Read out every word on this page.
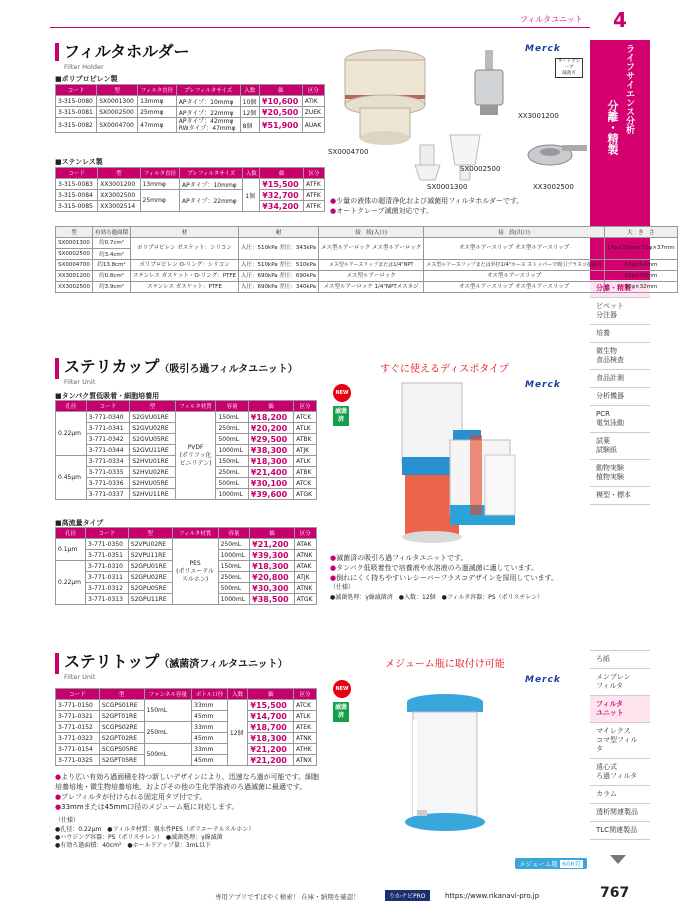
フィルタユニット	4
ライフサイエンス分析
分離・精製
分離・精製
ピペット
分注器
培養
微生物
食品検査
食品計測
分析機器
PCR
電気泳動
試薬
試験紙
動物実験
植物実験
模型・標本
ろ紙
メンブレン
フィルタ
フィルタ
ユニット
マイレクス
コマ型フィルタ
遠心式
ろ過フィルタ
カラム
透析関連製品
TLC関連製品
フィルタホルダー
Filter Holder
■ポリプロピレン製
コード	型	フィルタ直径	プレフィルタサイズ	入数	価	区分
3-315-0080	SX0001300	13mmφ	APタイプ：10mmφ	10個	¥10,600	ATIK
3-315-0081	SX0002500	25mmφ	APタイプ：22mmφ	12個	¥20,500	ZUEK
3-315-0082	SX0004700	47mmφ	APタイプ：42mmφ
RWタイプ：47mmφ	8個	¥51,900	AUAK
■ステンレス製
コード	型	フィルタ直径	プレフィルタサイズ	入数	価	区分
3-315-0083	XX3001200	13mmφ	APタイプ：10mmφ	1個	¥15,500	ATFK
3-315-0084	XX3002500	25mmφ	APタイプ：22mmφ		¥32,700	ATFK
3-315-0085	XX3002514				¥34,200	ATFK
Merck
オートクレーブ
滅菌可
XX3001200
SX0004700
SX0002500
SX0001300	XX3002500
●少量の液体の超清浄化および滅菌用フィルタホルダーです。
●オートクレーブ滅菌対応です。
型	有効ろ過面積	材	耐	接　続(入口)	接　続(出口)	大　き　さ
SX0001300	約0.7cm²	ポリプロピレン ガスケット：シリコン	入圧：510kPa 差圧：343kPa	メス型ルアーロック メス型ルアーロック	オス型ルアースリップ オス型ルアースリップ	17φ×35mm 35φ×37mm
SX0002500	約3.4cm²					
SX0004700	約13.8cm²	ポリプロピレン O-リング：シリコン	入圧：510kPa 差圧：510kPa	メス型ルアースリップまたは1/4"NPT	メス型ルアースリップまたは外径1/4"ホース ストッパーで吸引ブラスコ接続可	57φ×54mm
XX3001200	約0.8cm²	ステンレス ガスケット・O-リング：PTFE	入圧：690kPa 差圧：690kPa	メス型ルアーロック	オス型ルアースリップ	16φ×33mm
XX3002500	約3.9cm²	ステンレス ガスケット：PTFE	入圧：690kPa 差圧：340kPa	メス型ルアーロック 1/4"NPTメスネジ	オス型ルアースリップ オス型ルアースリップ	32φ×32mm
ステリカップ（吸引ろ過フィルタユニット）
Filter Unit
■タンパク質低吸着・細胞培養用
孔径	コード	型	フィルタ材質	容量	価	区分
0.22μm	3-771-0340	S2GVU01RE	PVDF
(ポリフッ化
ビニリデン)	150mL	¥18,200	ATCK
	3-771-0341	S2GVU02RE		250mL	¥20,200	ATLK
	3-771-0342	S2GVU05RE		500mL	¥29,500	ATBK
	3-771-0344	S2GVU11RE		1000mL	¥38,300	ATJK
0.45μm	3-771-0334	S2HVU01RE		150mL	¥18,300	ATLK
	3-771-0335	S2HVU02RE		250mL	¥21,400	ATBK
	3-771-0336	S2HVU05RE		500mL	¥30,100	ATCK
	3-771-0337	S2HVU11RE		1000mL	¥39,600	ATGK
■高流量タイプ
孔径	コード	型	フィルタ材質	容量	価	区分
0.1μm	3-771-0350	S2VPU02RE	PES
(ポリエーテル
スルホン)	250mL	¥21,200	ATAK
	3-771-0351	S2VPU11RE		1000mL	¥39,300	ATNK
0.22μm	3-771-0310	S2GPU01RE		150mL	¥18,300	ATAK
	3-771-0311	S2GPU02RE		250mL	¥20,800	ATJK
	3-771-0312	S2GPU05RE		500mL	¥30,300	ATNK
	3-771-0313	S2GPU11RE		1000mL	¥38,500	ATGK
すぐに使えるディスポタイプ
Merck
NEW
滅菌済
●滅菌済の吸引ろ過フィルタユニットです。
●タンパク低吸着性で培養液や水溶液のろ過滅菌に適しています。
●倒れにくく持ちやすいレシーバーフラスコデザインを採用しています。
（仕様）
●滅菌処理：γ線滅菌済　●入数：12個　●フィルタ容器：PS（ポリスチレン）
ステリトップ（滅菌済フィルタユニット）
Filter Unit
コード	型	ファンネル容量	ボトル口径	入数	価	区分
3-771-0150	SCGPS01RE	150mL	33mm	12個	¥15,500	ATCK
3-771-0321	S2GPT01RE		45mm		¥14,700	ATLK
3-771-0152	SCGPS02RE	250mL	33mm		¥18,700	ATEK
3-771-0323	S2GPT02RE		45mm		¥18,300	ATNK
3-771-0154	SCGPS05RE	500mL	33mm		¥21,200	ATHK
3-771-0325	S2GPT05RE		45mm		¥21,200	ATNX
●より広い有効ろ過面積を持つ新しいデザインにより、迅速なろ過が可能です。細胞培養培地・微生物培養培地、およびその他の生化学溶液のろ過滅菌に最適です。
●プレフィルタが付けられる固定用タブ付です。
●33mmまたは45mm口径のメジューム瓶に対応します。
（仕様）
●孔径：0.22μm　●フィルタ材質：親水性PES（ポリエーテルスルホン）
●ハウジング容器：PS（ポリスチレン）　●滅菌処理：γ線滅菌
●有効ろ過面積：40cm²　●ホールドアップ量：3mL以下
メジューム瓶に取付け可能
Merck
NEW
滅菌済
メジューム瓶 608頁
専用アプリですばやく検索！ 在庫・納期を確認！	りかナビPRO	https://www.rikanavi-pro.jp	767
